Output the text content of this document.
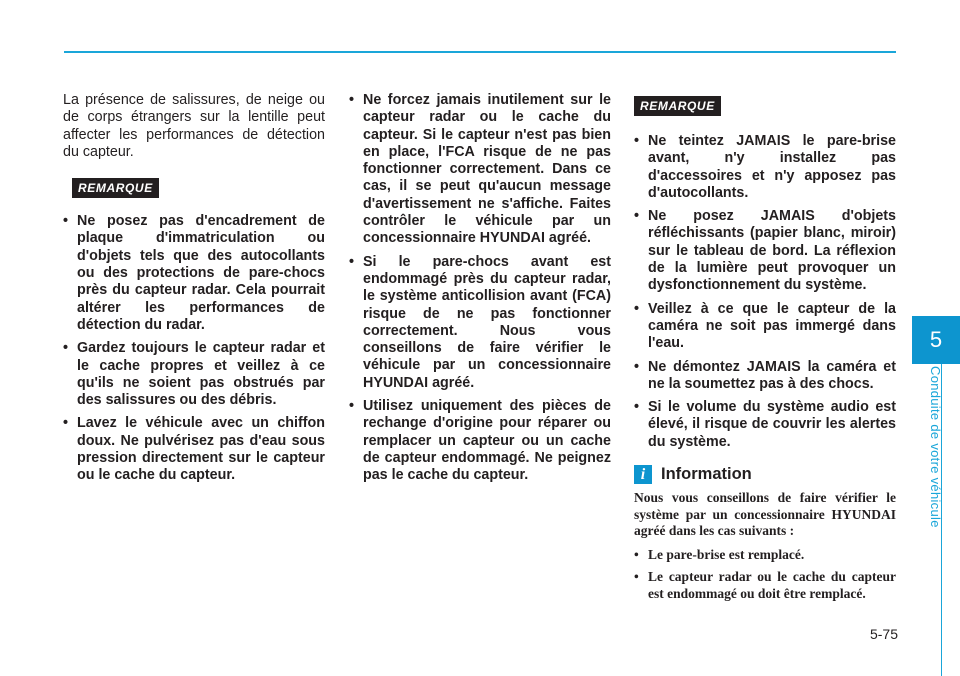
5
Conduite de votre véhicule

La présence de salissures, de neige ou de corps étrangers sur la lentille peut affecter les performances de détection du capteur.

REMARQUE
• Ne posez pas d'encadrement de plaque d'immatriculation ou d'objets tels que des autocollants ou des protections de pare-chocs près du capteur radar. Cela pourrait altérer les performances de détection du radar.
• Gardez toujours le capteur radar et le cache propres et veillez à ce qu'ils ne soient pas obstrués par des salissures ou des débris.
• Lavez le véhicule avec un chiffon doux. Ne pulvérisez pas d'eau sous pression directement sur le capteur ou le cache du capteur.
• Ne forcez jamais inutilement sur le capteur radar ou le cache du capteur. Si le capteur n'est pas bien en place, l'FCA risque de ne pas fonctionner correctement. Dans ce cas, il se peut qu'aucun message d'avertissement ne s'affiche. Faites contrôler le véhicule par un concessionnaire HYUNDAI agréé.
• Si le pare-chocs avant est endommagé près du capteur radar, le système anticollision avant (FCA) risque de ne pas fonctionner correctement. Nous vous conseillons de faire vérifier le véhicule par un concessionnaire HYUNDAI agréé.
• Utilisez uniquement des pièces de rechange d'origine pour réparer ou remplacer un capteur ou un cache de capteur endommagé. Ne peignez pas le cache du capteur.
REMARQUE
• Ne teintez JAMAIS le pare-brise avant, n'y installez pas d'accessoires et n'y apposez pas d'autocollants.
• Ne posez JAMAIS d'objets réfléchissants (papier blanc, miroir) sur le tableau de bord. La réflexion de la lumière peut provoquer un dysfonctionnement du système.
• Veillez à ce que le capteur de la caméra ne soit pas immergé dans l'eau.
• Ne démontez JAMAIS la caméra et ne la soumettez pas à des chocs.
• Si le volume du système audio est élevé, il risque de couvrir les alertes du système.
i Information

Nous vous conseillons de faire vérifier le système par un concessionnaire HYUNDAI agréé dans les cas suivants :

• Le pare-brise est remplacé.
• Le capteur radar ou le cache du capteur est endommagé ou doit être remplacé.
5-75
